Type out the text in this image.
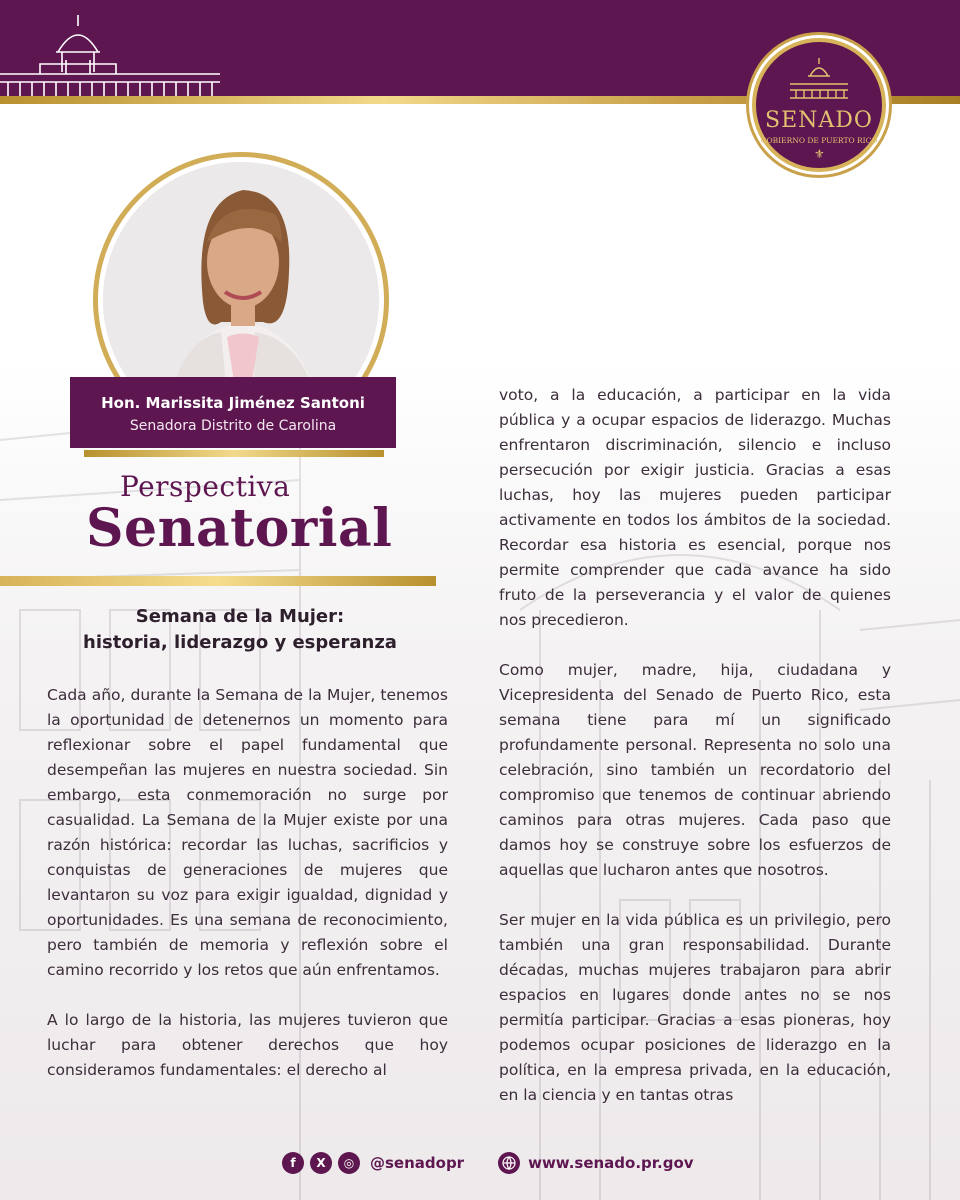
SENADO
GOBIERNO DE PUERTO RICO
⚜
Hon. Marissita Jiménez Santoni
Senadora Distrito de Carolina
Perspectiva
Senatorial
Semana de la Mujer:
historia, liderazgo y esperanza

Cada año, durante la Semana de la Mujer, tenemos la oportunidad de detenernos un momento para reflexionar sobre el papel fundamental que desempeñan las mujeres en nuestra sociedad. Sin embargo, esta conmemoración no surge por casualidad. La Semana de la Mujer existe por una razón histórica: recordar las luchas, sacrificios y conquistas de generaciones de mujeres que levantaron su voz para exigir igualdad, dignidad y oportunidades. Es una semana de reconocimiento, pero también de memoria y reflexión sobre el camino recorrido y los retos que aún enfrentamos.

A lo largo de la historia, las mujeres tuvieron que luchar para obtener derechos que hoy consideramos fundamentales: el derecho al

voto, a la educación, a participar en la vida pública y a ocupar espacios de liderazgo. Muchas enfrentaron discriminación, silencio e incluso persecución por exigir justicia. Gracias a esas luchas, hoy las mujeres pueden participar activamente en todos los ámbitos de la sociedad. Recordar esa historia es esencial, porque nos permite comprender que cada avance ha sido fruto de la perseverancia y el valor de quienes nos precedieron.

Como mujer, madre, hija, ciudadana y Vicepresidenta del Senado de Puerto Rico, esta semana tiene para mí un significado profundamente personal. Representa no solo una celebración, sino también un recordatorio del compromiso que tenemos de continuar abriendo caminos para otras mujeres. Cada paso que damos hoy se construye sobre los esfuerzos de aquellas que lucharon antes que nosotros.

Ser mujer en la vida pública es un privilegio, pero también una gran responsabilidad. Durante décadas, muchas mujeres trabajaron para abrir espacios en lugares donde antes no se nos permitía participar. Gracias a esas pioneras, hoy podemos ocupar posiciones de liderazgo en la política, en la empresa privada, en la educación, en la ciencia y en tantas otras

f	X	◎	@senadopr	www.senado.pr.gov
